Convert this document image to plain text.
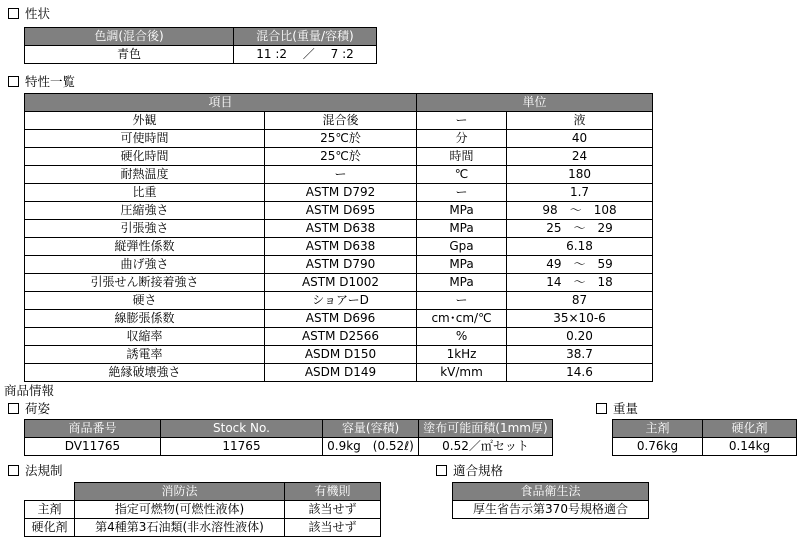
性状
色調(混合後)	混合比(重量/容積)
青色	11 :2　 ／　 7 :2
特性一覧
項目		単位	
外観	混合後	ー	液
可使時間	25℃於	分	40
硬化時間	25℃於	時間	24
耐熱温度	ー	℃	180
比重	ASTM D792	ー	1.7
圧縮強さ	ASTM D695	MPa	98　～　108
引張強さ	ASTM D638	MPa	25　～　29
縦弾性係数	ASTM D638	Gpa	6.18
曲げ強さ	ASTM D790	MPa	49　～　59
引張せん断接着強さ	ASTM D1002	MPa	14　～　18
硬さ	ショアーD	ー	87
線膨張係数	ASTM D696	cm･cm/℃	35×10-6
収縮率	ASTM D2566	%	0.20
誘電率	ASDM D150	1kHz	38.7
絶縁破壊強さ	ASDM D149	kV/mm	14.6
商品情報
荷姿
商品番号	Stock No.	容量(容積)	塗布可能面積(1mm厚)
DV11765	11765	0.9kg　(0.52ℓ)	0.52／㎡セット
重量
主剤	硬化剤
0.76kg	0.14kg
法規制
	消防法	有機則
主剤	指定可燃物(可燃性液体)	該当せず
硬化剤	第4種第3石油類(非水溶性液体)	該当せず
適合規格
食品衛生法
厚生省告示第370号規格適合
